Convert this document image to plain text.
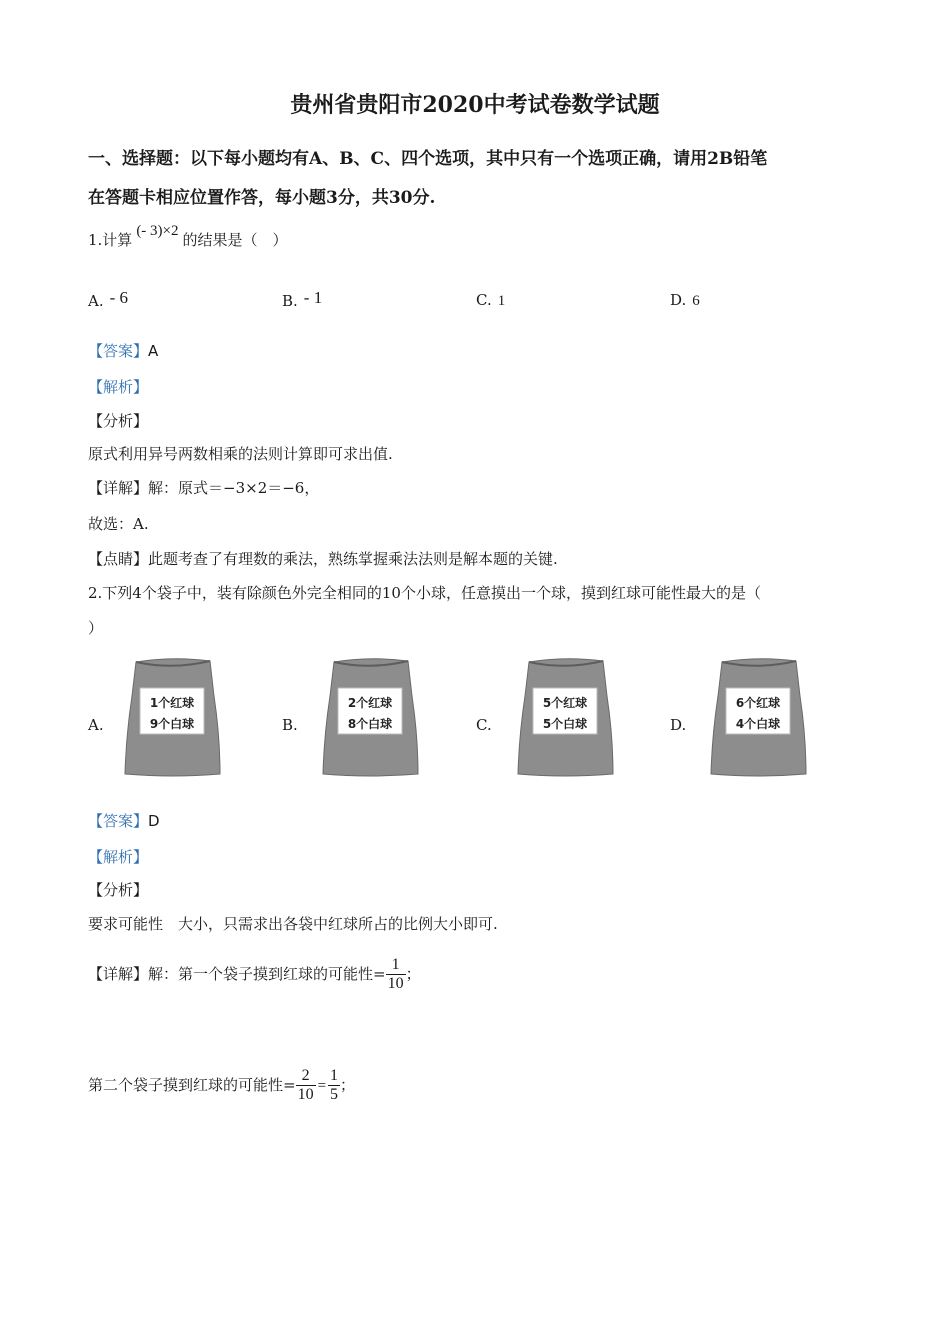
贵州省贵阳市2020中考试卷数学试题
一、选择题：以下每小题均有A、B、C、四个选项，其中只有一个选项正确，请用2B铅笔
在答题卡相应位置作答，每小题3分，共30分.
1.计算 (- 3)×2 的结果是（　）
A. - 6	B. - 1	C. 1	D. 6
【答案】A
【解析】
【分析】
原式利用异号两数相乘的法则计算即可求出值.
【详解】解：原式＝−3×2＝−6，
故选：A.
【点睛】此题考查了有理数的乘法，熟练掌握乘法法则是解本题的关键.
2.下列4个袋子中，装有除颜色外完全相同的10个小球，任意摸出一个球，摸到红球可能性最大的是（
）
A.	B.	C.	D.
1个红球
9个白球
2个红球
8个白球
5个红球
5个白球
6个红球
4个白球
【答案】D
【解析】
【分析】
要求可能性　大小，只需求出各袋中红球所占的比例大小即可.
【详解】解：第一个袋子摸到红球的可能性= $\frac{1}{10}$ ；
第二个袋子摸到红球的可能性= $\frac{2}{10} = \frac{1}{5}$ ；
